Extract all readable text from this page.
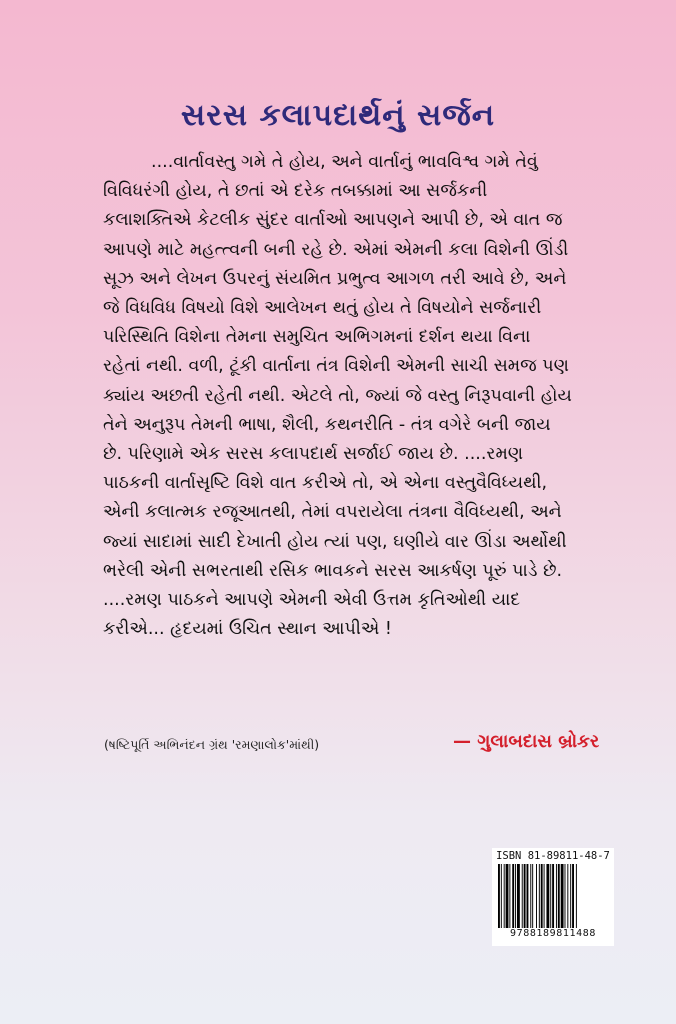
સરસ કલાપદાર્થનું સર્જન
....વાર્તાવસ્તુ ગમે તે હોય, અને વાર્તાનું ભાવવિશ્વ ગમે તેવું
વિવિધરંગી હોય, તે છતાં એ દરેક તબક્કામાં આ સર્જકની
કલાશક્તિએ કેટલીક સુંદર વાર્તાઓ આપણને આપી છે, એ વાત જ
આપણે માટે મહત્ત્વની બની રહે છે. એમાં એમની કલા વિશેની ઊંડી
સૂઝ અને લેખન ઉપરનું સંયમિત પ્રભુત્વ આગળ તરી આવે છે, અને
જે વિધવિધ વિષયો વિશે આલેખન થતું હોય તે વિષયોને સર્જનારી
પરિસ્થિતિ વિશેના તેમના સમુચિત અભિગમનાં દર્શન થયા વિના
રહેતાં નથી. વળી, ટૂંકી વાર્તાના તંત્ર વિશેની એમની સાચી સમજ પણ
ક્યાંય અછતી રહેતી નથી. એટલે તો, જ્યાં જે વસ્તુ નિરૂપવાની હોય
તેને અનુરૂપ તેમની ભાષા, શૈલી, કથનરીતિ - તંત્ર વગેરે બની જાય
છે. પરિણામે એક સરસ કલાપદાર્થ સર્જાઈ જાય છે. ....રમણ
પાઠકની વાર્તાસૃષ્ટિ વિશે વાત કરીએ તો, એ એના વસ્તુવૈવિધ્યથી,
એની કલાત્મક રજૂઆતથી, તેમાં વપરાયેલા તંત્રના વૈવિધ્યથી, અને
જ્યાં સાદામાં સાદી દેખાતી હોય ત્યાં પણ, ઘણીયે વાર ઊંડા અર્થોથી
ભરેલી એની સભરતાથી રસિક ભાવકને સરસ આકર્ષણ પૂરું પાડે છે.
....રમણ પાઠકને આપણે એમની એવી ઉત્તમ કૃતિઓથી યાદ
કરીએ... હૃદયમાં ઉચિત સ્થાન આપીએ !
(ષષ્ટિપૂર્તિ અભિનંદન ગ્રંથ 'રમણાલોક'માંથી)	— ગુલાબદાસ બ્રોકર
ISBN 81-89811-48-7
9788189811488
